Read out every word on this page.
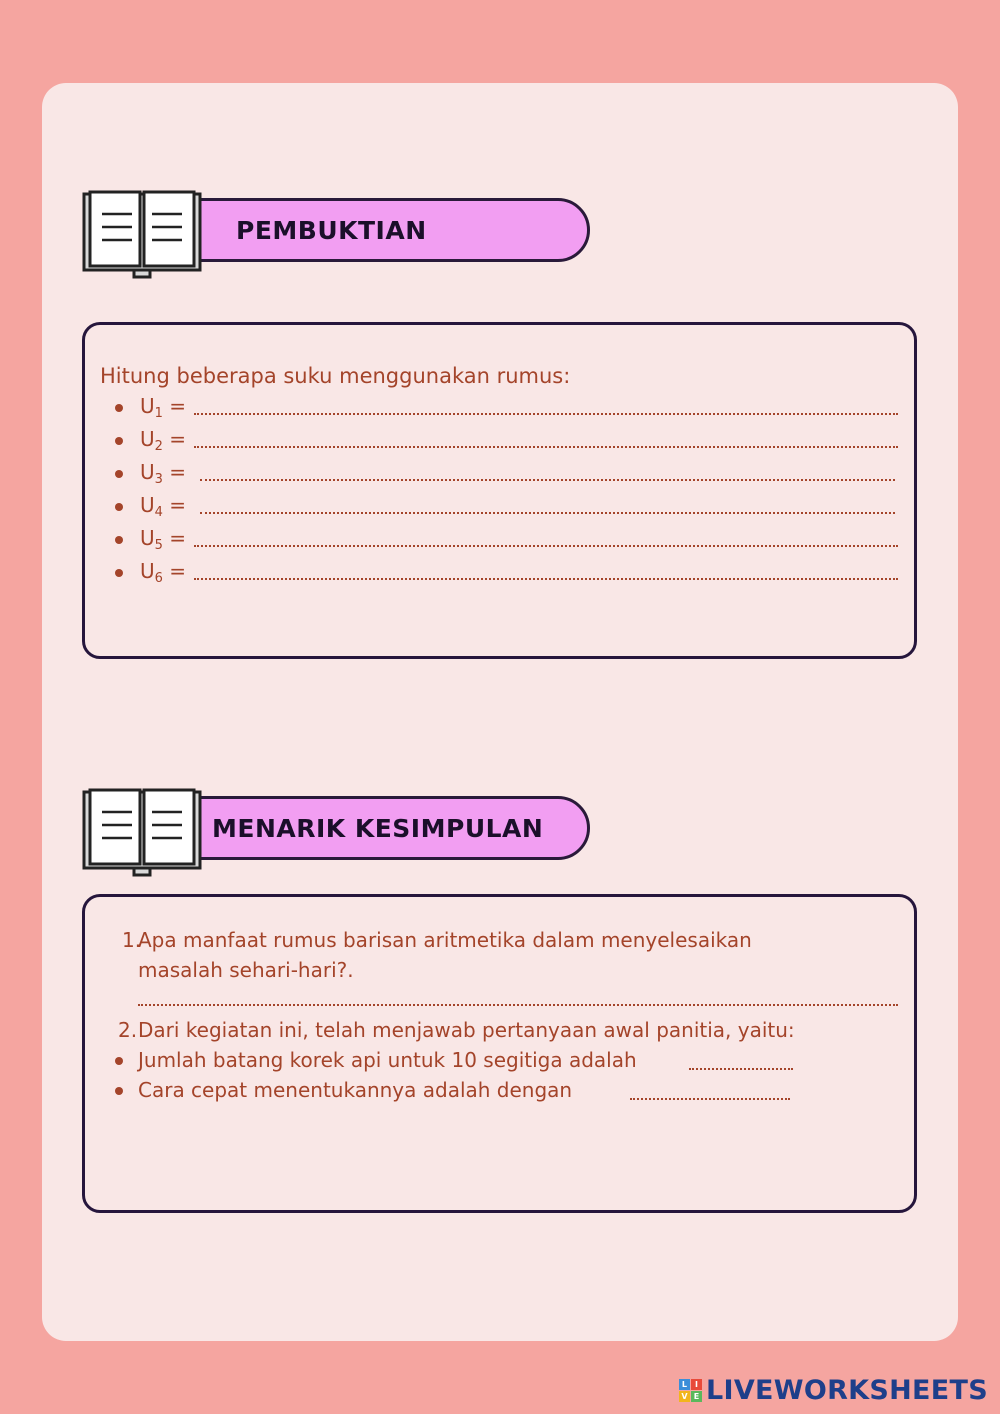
PEMBUKTIAN
Hitung beberapa suku menggunakan rumus:
$U_1$ =
$U_2$ =
$U_3$ =
$U_4$ =
$U_5$ =
$U_6$ =
MENARIK KESIMPULAN
1.
Apa manfaat rumus barisan aritmetika dalam menyelesaikan
masalah sehari-hari?.
2. Dari kegiatan ini, telah menjawab pertanyaan awal panitia, yaitu:
Jumlah batang korek api untuk 10 segitiga adalah
Cara cepat menentukannya adalah dengan
L I
V E LIVEWORKSHEETS
